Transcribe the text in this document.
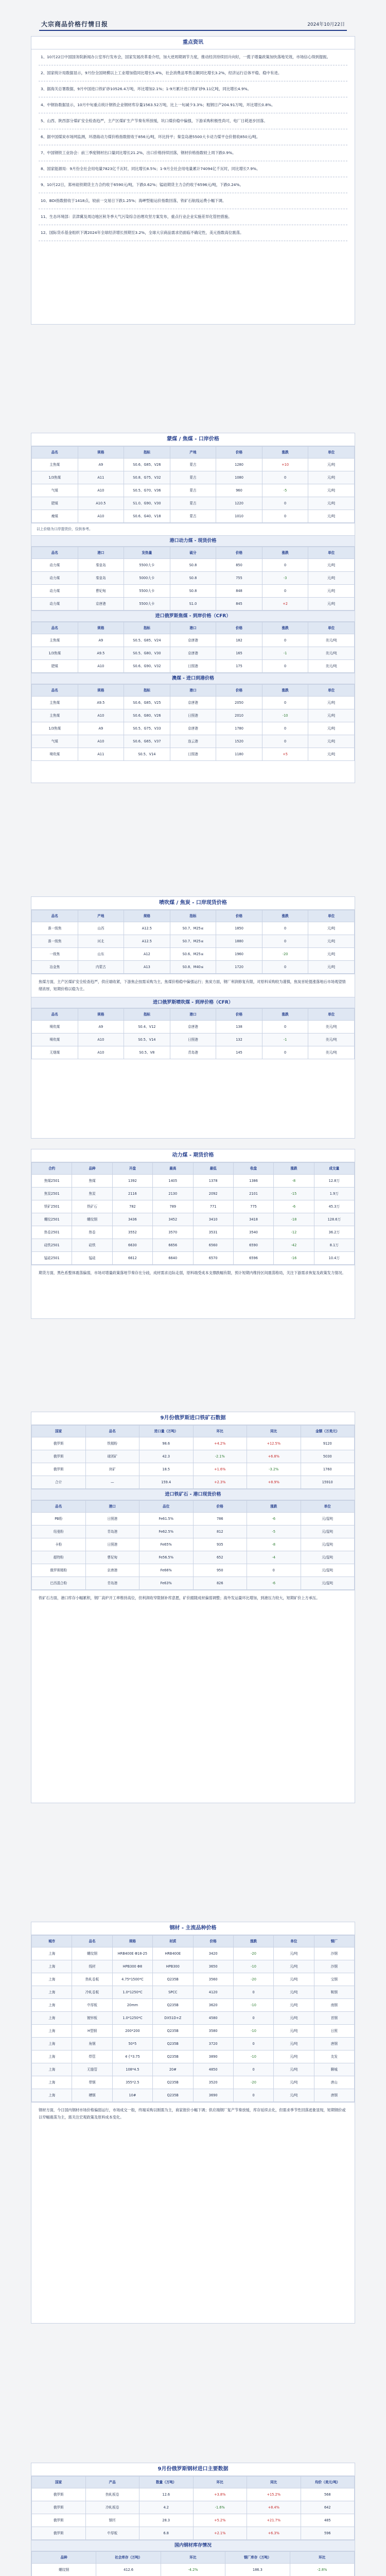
大宗商品价格行情日报	2024年10月22日
重点资讯
1、10月22日中国国务院新闻办公室举行发布会，国家发展改革委介绍，加大逆周期调节力度，推动经济持续回升向好，一揽子增量政策加快落地见效，市场信心得到提振。
2、国家统计局数据显示，9月份全国规模以上工业增加值同比增长5.4%，社会消费品零售总额同比增长3.2%，经济运行总体平稳、稳中有进。
3、据海关总署数据，9月中国进口铁矿砂10526.4万吨，环比增加2.1%；1-9月累计进口铁矿砂9.11亿吨，同比增长4.9%。
4、中钢协数据显示，10月中旬重点统计钢铁企业钢材库存量1563.52万吨，比上一旬减少3.3%；粗钢日产204.91万吨，环比增长0.8%。
5、山西、陕西部分煤矿安全检查趋严，主产区煤矿生产节奏有所放缓，坑口煤价稳中偏强，下游采购积极性尚可，电厂日耗逐步回落。
6、据中国煤炭市场网监测，环渤海动力煤价格指数报收于856元/吨，环比持平；秦皇岛港5500大卡动力煤平仓价报收850元/吨。
7、中国钢铁工业协会：前三季度钢材出口量同比增长21.2%，出口价格持续回落，钢材价格指数较上周下跌0.9%。
8、国家能源局：9月份全社会用电量7823亿千瓦时，同比增长8.5%；1-9月全社会用电量累计74094亿千瓦时，同比增长7.9%。
9、10月22日，郑州硅铁期货主力合约收于6590元/吨，下跌0.62%；锰硅期货主力合约收于6596元/吨，下跌0.24%。
10、BDI指数报收于1418点，较前一交易日下跌1.25%；海岬型船运价指数回落，铁矿石航线运费小幅下调。
11、生态环境部：京津冀及周边地区秋冬季大气污染综合治理攻坚方案发布，重点行业企业实施差异化管控措施。
12、国际货币基金组织下调2024年全球经济增长预期至3.2%，全球大宗商品需求仍面临不确定性，美元指数高位震荡。
蒙煤 / 焦煤 - 口岸价格
品名	规格	指标	产地	价格	涨跌	单位
主焦煤	A9	S0.6、G85、V26	蒙古	1280	+10	元/吨
1/3焦煤	A11	S0.8、G75、V32	蒙古	1080	0	元/吨
气煤	A10	S0.5、G70、V36	蒙古	960	-5	元/吨
肥煤	A10.5	S1.0、G90、V30	蒙古	1220	0	元/吨
瘦煤	A10	S0.6、G40、V18	蒙古	1010	0	元/吨
以上价格为口岸提货价，仅供参考。
港口动力煤 - 现货价格
品名	港口	发热量	硫分	价格	涨跌	单位
动力煤	秦皇岛	5500大卡	S0.8	850	0	元/吨
动力煤	秦皇岛	5000大卡	S0.8	755	-3	元/吨
动力煤	曹妃甸	5500大卡	S0.8	848	0	元/吨
动力煤	京唐港	5500大卡	S1.0	845	+2	元/吨
进口俄罗斯焦煤 - 到岸价格（CFR）
品名	规格	指标	港口	价格	涨跌	单位
主焦煤	A9	S0.5、G85、V24	京唐港	182	0	美元/吨
1/3焦煤	A9.5	S0.5、G80、V30	京唐港	165	-1	美元/吨
肥煤	A10	S0.6、G90、V32	日照港	175	0	美元/吨
澳煤 - 进口到港价格
品名	规格	指标	港口	价格	涨跌	单位
主焦煤	A9.5	S0.6、G85、V25	京唐港	2050	0	元/吨
主焦煤	A10	S0.6、G80、V26	日照港	2010	-10	元/吨
1/3焦煤	A9	S0.5、G75、V33	京唐港	1780	0	元/吨
气煤	A10	S0.6、G65、V37	连云港	1520	0	元/吨
喷吹煤	A11	S0.5、V14	日照港	1180	+5	元/吨
喷吹煤 / 焦炭 - 口岸现货价格
品名	产地	规格	指标	价格	涨跌	单位
准一级焦	山西	A12.5	S0.7、M25≤	1850	0	元/吨
准一级焦	河北	A12.5	S0.7、M25≤	1880	0	元/吨
一级焦	山东	A12	S0.6、M25≤	1960	-20	元/吨
冶金焦	内蒙古	A13	S0.8、M40≤	1720	0	元/吨
焦煤方面，主产区煤矿安全检查趋严，供应端收紧，下游焦企按需采购为主，焦煤价格稳中偏强运行；焦炭方面，钢厂利润修复有限，对原料采购较为谨慎，焦炭首轮提涨落地后市场观望情绪浓厚，短期价格以稳为主。
进口俄罗斯喷吹煤 - 到岸价格（CFR）
品名	规格	指标	港口	价格	涨跌	单位
喷吹煤	A9	S0.4、V12	京唐港	138	0	美元/吨
喷吹煤	A10	S0.5、V14	日照港	132	-1	美元/吨
无烟煤	A10	S0.5、V8	青岛港	145	0	美元/吨
动力煤 - 期货价格
合约	品种	开盘	最高	最低	收盘	涨跌	成交量
焦煤2501	焦煤	1392	1405	1378	1386	-8	12.8万
焦炭2501	焦炭	2116	2130	2092	2101	-15	1.9万
铁矿2501	铁矿石	782	789	771	775	-6	45.3万
螺纹2501	螺纹钢	3436	3452	3410	3418	-18	128.6万
热卷2501	热卷	3552	3570	3531	3540	-12	36.2万
硅铁2501	硅铁	6630	6656	6560	6590	-42	8.1万
锰硅2501	锰硅	6612	6640	6570	6596	-16	10.4万
期货方面，黑色系整体震荡偏弱，市场对增量政策落地节奏存在分歧，成材需求边际走弱，原料端受成本支撑跌幅有限，预计短期内维持区间震荡格局，关注下游需求恢复及政策发力情况。
9月份俄罗斯进口铁矿石数据
国家	品名	进口量（万吨）	环比	同比	金额（万美元）
俄罗斯	铁精粉	98.6	+4.2%	+12.5%	9120
俄罗斯	球团矿	42.3	-2.1%	+6.8%	5030
俄罗斯	块矿	18.5	+1.6%	-3.2%	1760
合计	—	159.4	+2.3%	+8.9%	15910
进口铁矿石 - 港口现货价格
品名	港口	品位	价格	涨跌	单位
PB粉	日照港	Fe61.5%	786	-6	元/湿吨
纽曼粉	青岛港	Fe62.5%	812	-5	元/湿吨
卡粉	日照港	Fe65%	935	-8	元/湿吨
超特粉	曹妃甸	Fe56.5%	652	-4	元/湿吨
俄罗斯精粉	京唐港	Fe66%	950	0	元/湿吨
巴西混合粉	青岛港	Fe63%	826	-6	元/湿吨
铁矿石方面，港口库存小幅累积，钢厂高炉开工率维持高位，但利润收窄限制补库意愿，矿价跟随成材偏弱调整；海外发运量环比增加，到港压力较大，短期矿价上方承压。
钢材 - 主流品种价格
城市	品名	规格	材质	价格	涨跌	单位	钢厂
上海	螺纹钢	HRB400E Φ18-25	HRB400E	3420	-20	元/吨	沙钢
上海	线材	HPB300 Φ8	HPB300	3650	-10	元/吨	沙钢
上海	热轧卷板	4.75*1500*C	Q235B	3560	-20	元/吨	宝钢
上海	冷轧卷板	1.0*1250*C	SPCC	4120	0	元/吨	鞍钢
上海	中厚板	20mm	Q235B	3620	-10	元/吨	南钢
上海	镀锌板	1.0*1250*C	DX51D+Z	4580	0	元/吨	首钢
上海	H型钢	200*200	Q235B	3580	-10	元/吨	日照
上海	角钢	50*5	Q235B	3720	0	元/吨	唐钢
上海	焊管	4寸*3.75	Q235B	3890	-10	元/吨	友发
上海	无缝管	108*4.5	20#	4850	0	元/吨	聊城
上海	带钢	355*2.5	Q235B	3520	-20	元/吨	唐山
上海	槽钢	10#	Q235B	3690	0	元/吨	唐钢
钢材方面，今日国内钢材市场价格偏弱运行，市场成交一般，终端采购以刚需为主，商家报价小幅下调；供应端钢厂复产节奏放缓，库存延续去化，但需求季节性回落迹象显现，短期钢价或以窄幅震荡为主，需关注宏观政策及原料成本变化。
9月份俄罗斯钢材进口主要数据
国家	产品	数量（万吨）	环比	同比	均价（美元/吨）
俄罗斯	热轧板卷	12.6	+3.8%	+15.2%	568
俄罗斯	冷轧板卷	4.2	-1.6%	+8.4%	642
俄罗斯	钢坯	28.3	+5.2%	+21.7%	485
俄罗斯	中厚板	6.8	+2.1%	+6.3%	596
国内钢材库存情况
品种	社会库存（万吨）	环比	钢厂库存（万吨）	环比
螺纹钢	412.6	-4.2%	186.3	-2.8%
